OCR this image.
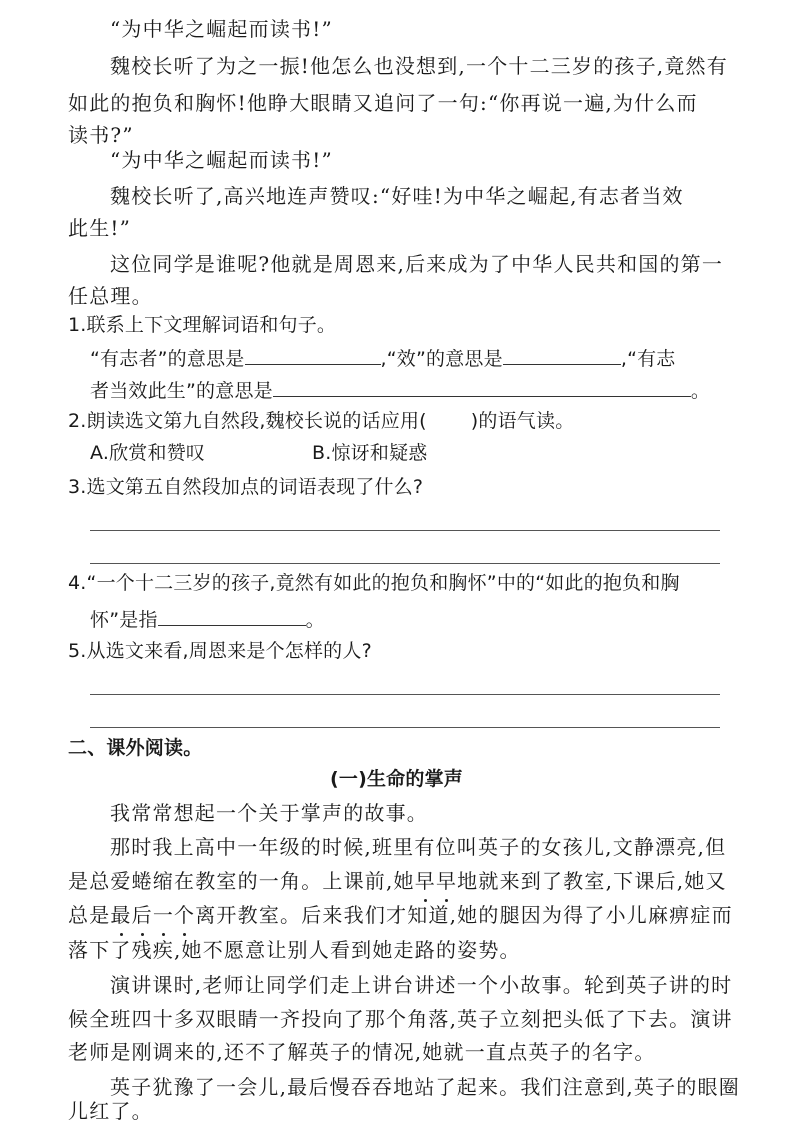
“为中华之崛起而读书!”
魏校长听了为之一振!他怎么也没想到,一个十二三岁的孩子,竟然有
如此的抱负和胸怀!他睁大眼睛又追问了一句:“你再说一遍,为什么而
读书?”
“为中华之崛起而读书!”
魏校长听了,高兴地连声赞叹:“好哇!为中华之崛起,有志者当效
此生!”
这位同学是谁呢?他就是周恩来,后来成为了中华人民共和国的第一
任总理。
1.联系上下文理解词语和句子。
“有志者”的意思是	,“效”的意思是	,“有志
者当效此生”的意思是	。
2.朗读选文第九自然段,魏校长说的话应用( )的语气读。
A.欣赏和赞叹	B.惊讶和疑惑
3.选文第五自然段加点的词语表现了什么?
4.“一个十二三岁的孩子,竟然有如此的抱负和胸怀”中的“如此的抱负和胸
怀”是指	。
5.从选文来看,周恩来是个怎样的人?
二、课外阅读。
(一)生命的掌声
我常常想起一个关于掌声的故事。
那时我上高中一年级的时候,班里有位叫英子的女孩儿,文静漂亮,但
是总爱蜷缩在教室的一角。上课前,她早早地就来到了教室,下课后,她又
总是最后一个离开教室。后来我们才知道,她的腿因为得了小儿麻痹症而
落下了残疾,她不愿意让别人看到她走路的姿势。
演讲课时,老师让同学们走上讲台讲述一个小故事。轮到英子讲的时
候全班四十多双眼睛一齐投向了那个角落,英子立刻把头低了下去。演讲
老师是刚调来的,还不了解英子的情况,她就一直点英子的名字。
英子犹豫了一会儿,最后慢吞吞地站了起来。我们注意到,英子的眼圈
儿红了。
